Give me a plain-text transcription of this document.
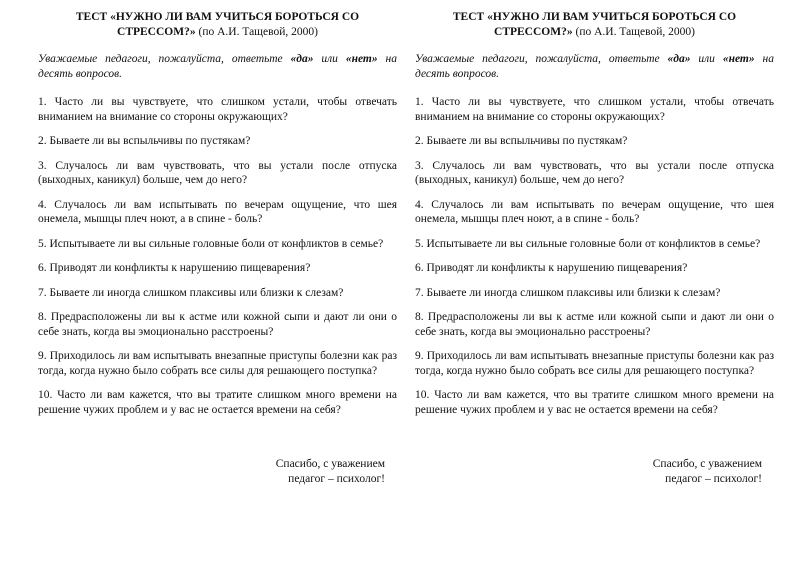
ТЕСТ «НУЖНО ЛИ ВАМ УЧИТЬСЯ БОРОТЬСЯ СО СТРЕССОМ?» (по А.И. Тащевой, 2000)

Уважаемые педагоги, пожалуйста, ответьте «да» или «нет» на десять вопросов.

1. Часто ли вы чувствуете, что слишком устали, чтобы отвечать вниманием на внимание со стороны окружающих?

2. Бываете ли вы вспыльчивы по пустякам?

3. Случалось ли вам чувствовать, что вы устали после отпуска (выходных, каникул) больше, чем до него?

4. Случалось ли вам испытывать по вечерам ощущение, что шея онемела, мышцы плеч ноют, а в спине - боль?

5. Испытываете ли вы сильные головные боли от конфликтов в семье?

6. Приводят ли конфликты к нарушению пищеварения?

7. Бываете ли иногда слишком плаксивы или близки к слезам?

8. Предрасположены ли вы к астме или кожной сыпи и дают ли они о себе знать, когда вы эмоционально расстроены?

9. Приходилось ли вам испытывать внезапные приступы болезни как раз тогда, когда нужно было собрать все силы для решающего поступка?

10. Часто ли вам кажется, что вы тратите слишком много времени на решение чужих проблем и у вас не остается времени на себя?

Спасибо, с уважением
педагог – психолог!
ТЕСТ «НУЖНО ЛИ ВАМ УЧИТЬСЯ БОРОТЬСЯ СО СТРЕССОМ?» (по А.И. Тащевой, 2000)

Уважаемые педагоги, пожалуйста, ответьте «да» или «нет» на десять вопросов.

1. Часто ли вы чувствуете, что слишком устали, чтобы отвечать вниманием на внимание со стороны окружающих?

2. Бываете ли вы вспыльчивы по пустякам?

3. Случалось ли вам чувствовать, что вы устали после отпуска (выходных, каникул) больше, чем до него?

4. Случалось ли вам испытывать по вечерам ощущение, что шея онемела, мышцы плеч ноют, а в спине - боль?

5. Испытываете ли вы сильные головные боли от конфликтов в семье?

6. Приводят ли конфликты к нарушению пищеварения?

7. Бываете ли иногда слишком плаксивы или близки к слезам?

8. Предрасположены ли вы к астме или кожной сыпи и дают ли они о себе знать, когда вы эмоционально расстроены?

9. Приходилось ли вам испытывать внезапные приступы болезни как раз тогда, когда нужно было собрать все силы для решающего поступка?

10. Часто ли вам кажется, что вы тратите слишком много времени на решение чужих проблем и у вас не остается времени на себя?

Спасибо, с уважением
педагог – психолог!
